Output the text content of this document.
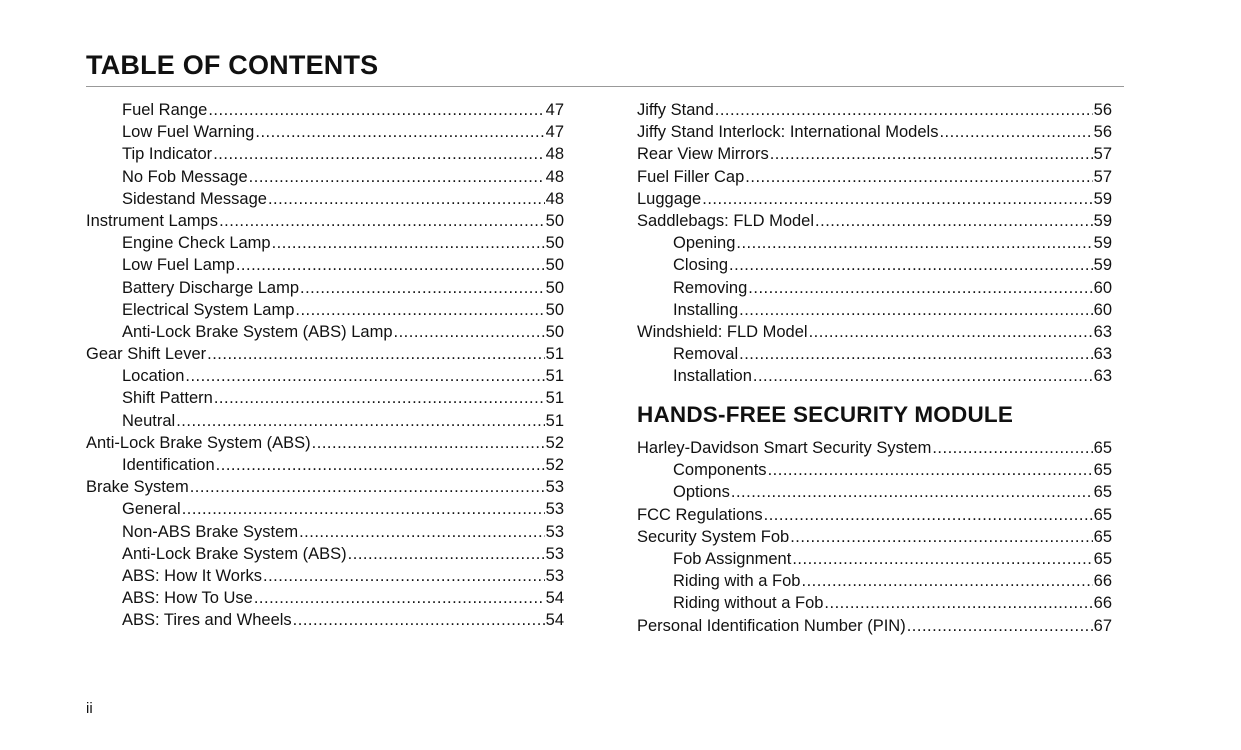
TABLE OF CONTENTS
Fuel Range .....	47
Low Fuel Warning .....	47
Tip Indicator .....	48
No Fob Message .....	48
Sidestand Message .....	48
Instrument Lamps .....	50
Engine Check Lamp .....	50
Low Fuel Lamp .....	50
Battery Discharge Lamp .....	50
Electrical System Lamp .....	50
Anti-Lock Brake System (ABS) Lamp .....	50
Gear Shift Lever .....	51
Location .....	51
Shift Pattern .....	51
Neutral .....	51
Anti-Lock Brake System (ABS) .....	52
Identification .....	52
Brake System .....	53
General .....	53
Non-ABS Brake System .....	53
Anti-Lock Brake System (ABS) .....	53
ABS: How It Works .....	53
ABS: How To Use .....	54
ABS: Tires and Wheels .....	54
Jiffy Stand .....	56
Jiffy Stand Interlock: International Models .....	56
Rear View Mirrors .....	57
Fuel Filler Cap .....	57
Luggage .....	59
Saddlebags: FLD Model .....	59
Opening .....	59
Closing .....	59
Removing .....	60
Installing .....	60
Windshield: FLD Model .....	63
Removal .....	63
Installation .....	63
HANDS-FREE SECURITY MODULE
Harley-Davidson Smart Security System .....	65
Components .....	65
Options .....	65
FCC Regulations .....	65
Security System Fob .....	65
Fob Assignment .....	65
Riding with a Fob .....	66
Riding without a Fob .....	66
Personal Identification Number (PIN) .....	67
ii
